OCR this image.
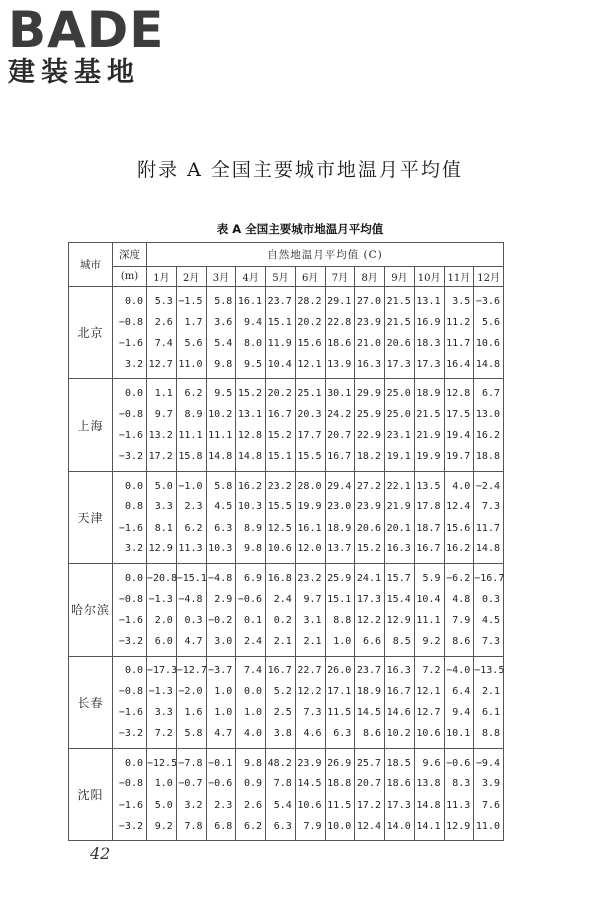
BADE
建装基地
附录 A 全国主要城市地温月平均值
表 A 全国主要城市地温月平均值
城市	深度	自然地温月平均值 (C)											
	(m)	1月	2月	3月	4月	5月	6月	7月	8月	9月	10月	11月	12月
北京	0.0	5.3	−1.5	5.8	16.1	23.7	28.2	29.1	27.0	21.5	13.1	3.5	−3.6
	−0.8	2.6	1.7	3.6	9.4	15.1	20.2	22.8	23.9	21.5	16.9	11.2	5.6
	−1.6	7.4	5.6	5.4	8.0	11.9	15.6	18.6	21.0	20.6	18.3	11.7	10.6
	3.2	12.7	11.0	9.8	9.5	10.4	12.1	13.9	16.3	17.3	17.3	16.4	14.8
上海	0.0	1.1	6.2	9.5	15.2	20.2	25.1	30.1	29.9	25.0	18.9	12.8	6.7
	−0.8	9.7	8.9	10.2	13.1	16.7	20.3	24.2	25.9	25.0	21.5	17.5	13.0
	−1.6	13.2	11.1	11.1	12.8	15.2	17.7	20.7	22.9	23.1	21.9	19.4	16.2
	−3.2	17.2	15.8	14.8	14.8	15.1	15.5	16.7	18.2	19.1	19.9	19.7	18.8
天津	0.0	5.0	−1.0	5.8	16.2	23.2	28.0	29.4	27.2	22.1	13.5	4.0	−2.4
	0.8	3.3	2.3	4.5	10.3	15.5	19.9	23.0	23.9	21.9	17.8	12.4	7.3
	−1.6	8.1	6.2	6.3	8.9	12.5	16.1	18.9	20.6	20.1	18.7	15.6	11.7
	3.2	12.9	11.3	10.3	9.8	10.6	12.0	13.7	15.2	16.3	16.7	16.2	14.8
哈尔滨	0.0	−20.8	−15.1	−4.8	6.9	16.8	23.2	25.9	24.1	15.7	5.9	−6.2	−16.7
	−0.8	−1.3	−4.8	2.9	−0.6	2.4	9.7	15.1	17.3	15.4	10.4	4.8	0.3
	−1.6	2.0	0.3	−0.2	0.1	0.2	3.1	8.8	12.2	12.9	11.1	7.9	4.5
	−3.2	6.0	4.7	3.0	2.4	2.1	2.1	1.0	6.6	8.5	9.2	8.6	7.3
长春	0.0	−17.3	−12.7	−3.7	7.4	16.7	22.7	26.0	23.7	16.3	7.2	−4.0	−13.5
	−0.8	−1.3	−2.0	1.0	0.0	5.2	12.2	17.1	18.9	16.7	12.1	6.4	2.1
	−1.6	3.3	1.6	1.0	1.0	2.5	7.3	11.5	14.5	14.6	12.7	9.4	6.1
	−3.2	7.2	5.8	4.7	4.0	3.8	4.6	6.3	8.6	10.2	10.6	10.1	8.8
沈阳	0.0	−12.5	−7.8	−0.1	9.8	48.2	23.9	26.9	25.7	18.5	9.6	−0.6	−9.4
	−0.8	1.0	−0.7	−0.6	0.9	7.8	14.5	18.8	20.7	18.6	13.8	8.3	3.9
	−1.6	5.0	3.2	2.3	2.6	5.4	10.6	11.5	17.2	17.3	14.8	11.3	7.6
	−3.2	9.2	7.8	6.8	6.2	6.3	7.9	10.0	12.4	14.0	14.1	12.9	11.0
42
